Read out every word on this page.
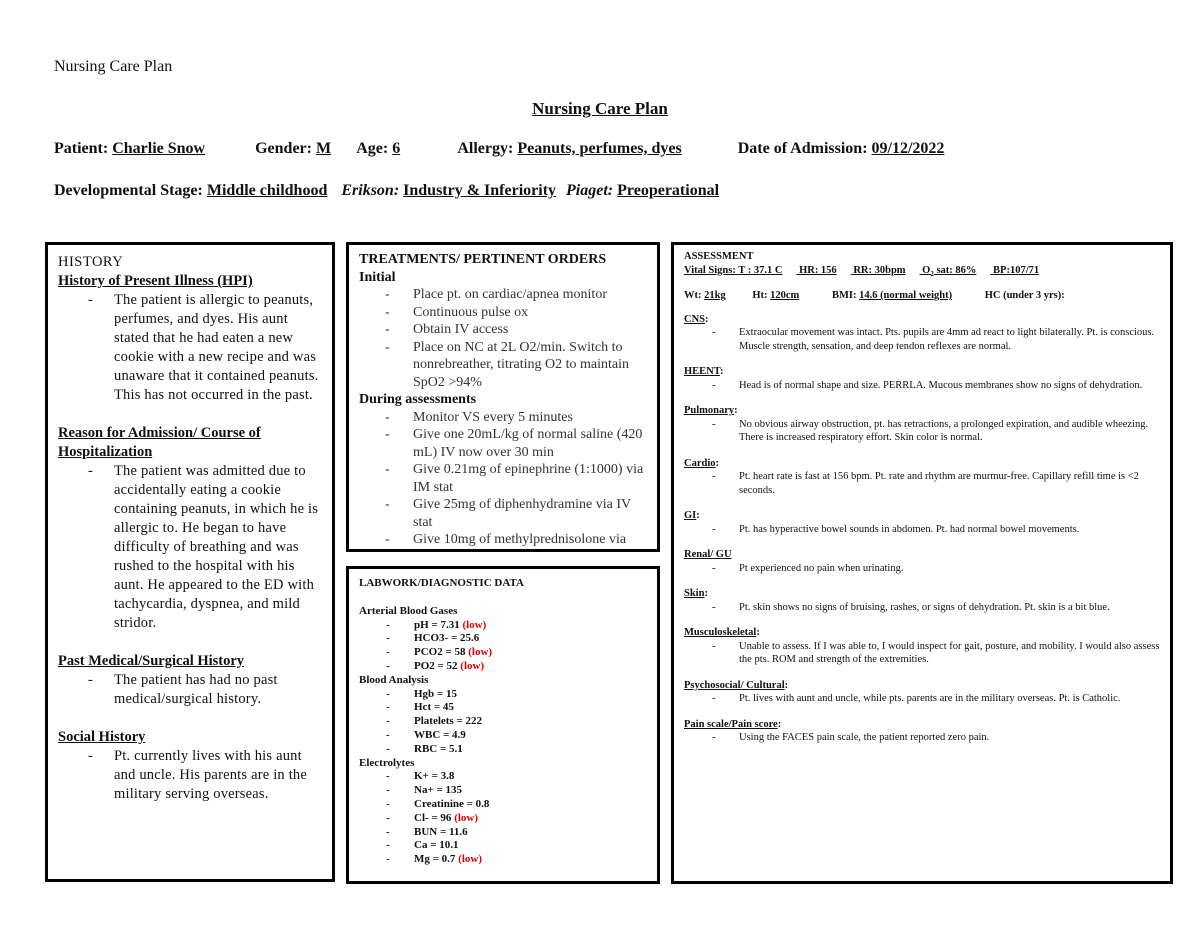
Nursing Care Plan
Nursing Care Plan
Patient: Charlie Snow	Gender: M Age: 6	Allergy: Peanuts, perfumes, dyes	Date of Admission: 09/12/2022
Developmental Stage: Middle childhood Erikson: Industry & Inferiority Piaget: Preoperational
HISTORY
History of Present Illness (HPI)
- The patient is allergic to peanuts, perfumes, and dyes. His aunt stated that he had eaten a new cookie with a new recipe and was unaware that it contained peanuts. This has not occurred in the past.
Reason for Admission/ Course of Hospitalization
- The patient was admitted due to accidentally eating a cookie containing peanuts, in which he is allergic to. He began to have difficulty of breathing and was rushed to the hospital with his aunt. He appeared to the ED with tachycardia, dyspnea, and mild stridor.
Past Medical/Surgical History
- The patient has had no past medical/surgical history.
Social History
- Pt. currently lives with his aunt and uncle. His parents are in the military serving overseas.
TREATMENTS/ PERTINENT ORDERS
Initial
- Place pt. on cardiac/apnea monitor
- Continuous pulse ox
- Obtain IV access
- Place on NC at 2L O2/min. Switch to nonrebreather, titrating O2 to maintain SpO2 >94%
During assessments
- Monitor VS every 5 minutes
- Give one 20mL/kg of normal saline (420 mL) IV now over 30 min
- Give 0.21mg of epinephrine (1:1000) via IM stat
- Give 25mg of diphenhydramine via IV stat
- Give 10mg of methylprednisolone via
LABWORK/DIAGNOSTIC DATA
Arterial Blood Gases
- pH = 7.31 (low)
- HCO3- = 25.6
- PCO2 = 58 (low)
- PO2 = 52 (low)
Blood Analysis
- Hgb = 15
- Hct = 45
- Platelets = 222
- WBC = 4.9
- RBC = 5.1
Electrolytes
- K+ = 3.8
- Na+ = 135
- Creatinine = 0.8
- Cl- = 96 (low)
- BUN = 11.6
- Ca = 10.1
- Mg = 0.7 (low)
ASSESSMENT
Vital Signs: T : 37.1 C HR: 156 RR: 30bpm $O_2$ sat: 86% BP:107/71
Wt: 21kg	Ht: 120cm	BMI: 14.6 (normal weight)	HC (under 3 yrs):
CNS:
- Extraocular movement was intact. Pts. pupils are 4mm ad react to light bilaterally. Pt. is conscious. Muscle strength, sensation, and deep tendon reflexes are normal.
HEENT:
- Head is of normal shape and size. PERRLA. Mucous membranes show no signs of dehydration.
Pulmonary:
- No obvious airway obstruction, pt. has retractions, a prolonged expiration, and audible wheezing. There is increased respiratory effort. Skin color is normal.
Cardio:
- Pt. heart rate is fast at 156 bpm. Pt. rate and rhythm are murmur-free. Capillary refill time is <2 seconds.
GI:
- Pt. has hyperactive bowel sounds in abdomen. Pt. had normal bowel movements.
Renal/ GU
- Pt experienced no pain when urinating.
Skin:
- Pt. skin shows no signs of bruising, rashes, or signs of dehydration. Pt. skin is a bit blue.
Musculoskeletal:
- Unable to assess. If I was able to, I would inspect for gait, posture, and mobility. I would also assess the pts. ROM and strength of the extremities.
Psychosocial/ Cultural:
- Pt. lives with aunt and uncle, while pts. parents are in the military overseas. Pt. is Catholic.
Pain scale/Pain score:
- Using the FACES pain scale, the patient reported zero pain.
